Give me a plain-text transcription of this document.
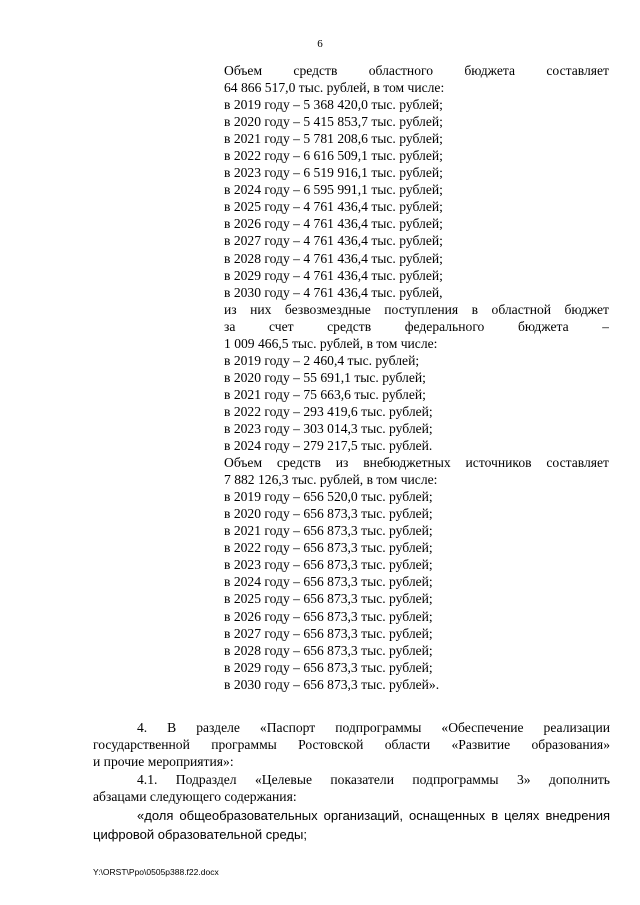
6
Объем средств областного бюджета составляет
64 866 517,0 тыс. рублей, в том числе:
в 2019 году – 5 368 420,0 тыс. рублей;
в 2020 году – 5 415 853,7 тыс. рублей;
в 2021 году – 5 781 208,6 тыс. рублей;
в 2022 году – 6 616 509,1 тыс. рублей;
в 2023 году – 6 519 916,1 тыс. рублей;
в 2024 году – 6 595 991,1 тыс. рублей;
в 2025 году – 4 761 436,4 тыс. рублей;
в 2026 году – 4 761 436,4 тыс. рублей;
в 2027 году – 4 761 436,4 тыс. рублей;
в 2028 году – 4 761 436,4 тыс. рублей;
в 2029 году – 4 761 436,4 тыс. рублей;
в 2030 году – 4 761 436,4 тыс. рублей,
из них безвозмездные поступления в областной бюджет
за счет средств федерального бюджета –
1 009 466,5 тыс. рублей, в том числе:
в 2019 году – 2 460,4 тыс. рублей;
в 2020 году – 55 691,1 тыс. рублей;
в 2021 году – 75 663,6 тыс. рублей;
в 2022 году – 293 419,6 тыс. рублей;
в 2023 году – 303 014,3 тыс. рублей;
в 2024 году – 279 217,5 тыс. рублей.
Объем средств из внебюджетных источников составляет
7 882 126,3 тыс. рублей, в том числе:
в 2019 году – 656 520,0 тыс. рублей;
в 2020 году – 656 873,3 тыс. рублей;
в 2021 году – 656 873,3 тыс. рублей;
в 2022 году – 656 873,3 тыс. рублей;
в 2023 году – 656 873,3 тыс. рублей;
в 2024 году – 656 873,3 тыс. рублей;
в 2025 году – 656 873,3 тыс. рублей;
в 2026 году – 656 873,3 тыс. рублей;
в 2027 году – 656 873,3 тыс. рублей;
в 2028 году – 656 873,3 тыс. рублей;
в 2029 году – 656 873,3 тыс. рублей;
в 2030 году – 656 873,3 тыс. рублей».
4. В разделе «Паспорт подпрограммы «Обеспечение реализации
государственной программы Ростовской области «Развитие образования»
и прочие мероприятия»:
4.1. Подраздел «Целевые показатели подпрограммы 3» дополнить
абзацами следующего содержания:
«доля общеобразовательных организаций, оснащенных в целях внедрения
цифровой образовательной среды;
Y:\ORST\Ppo\0505p388.f22.docx
